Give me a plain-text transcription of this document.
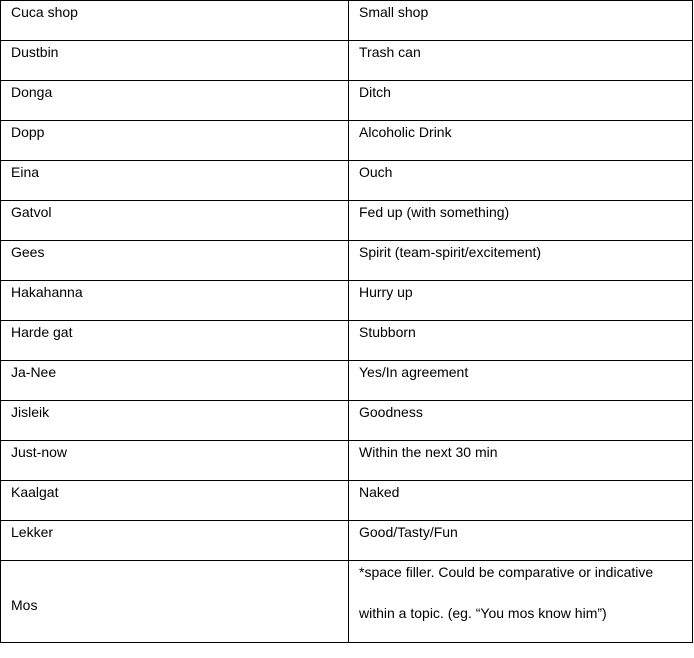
Cuca shop	Small shop

Dustbin	Trash can

Donga	Ditch

Dopp	Alcoholic Drink

Eina	Ouch

Gatvol	Fed up (with something)

Gees	Spirit (team-spirit/excitement)

Hakahanna	Hurry up

Harde gat	Stubborn

Ja-Nee	Yes/In agreement

Jisleik	Goodness

Just-now	Within the next 30 min

Kaalgat	Naked

Lekker	Good/Tasty/Fun

Mos	*space filler. Could be comparative or indicative within a topic. (eg. “You mos know him”)
